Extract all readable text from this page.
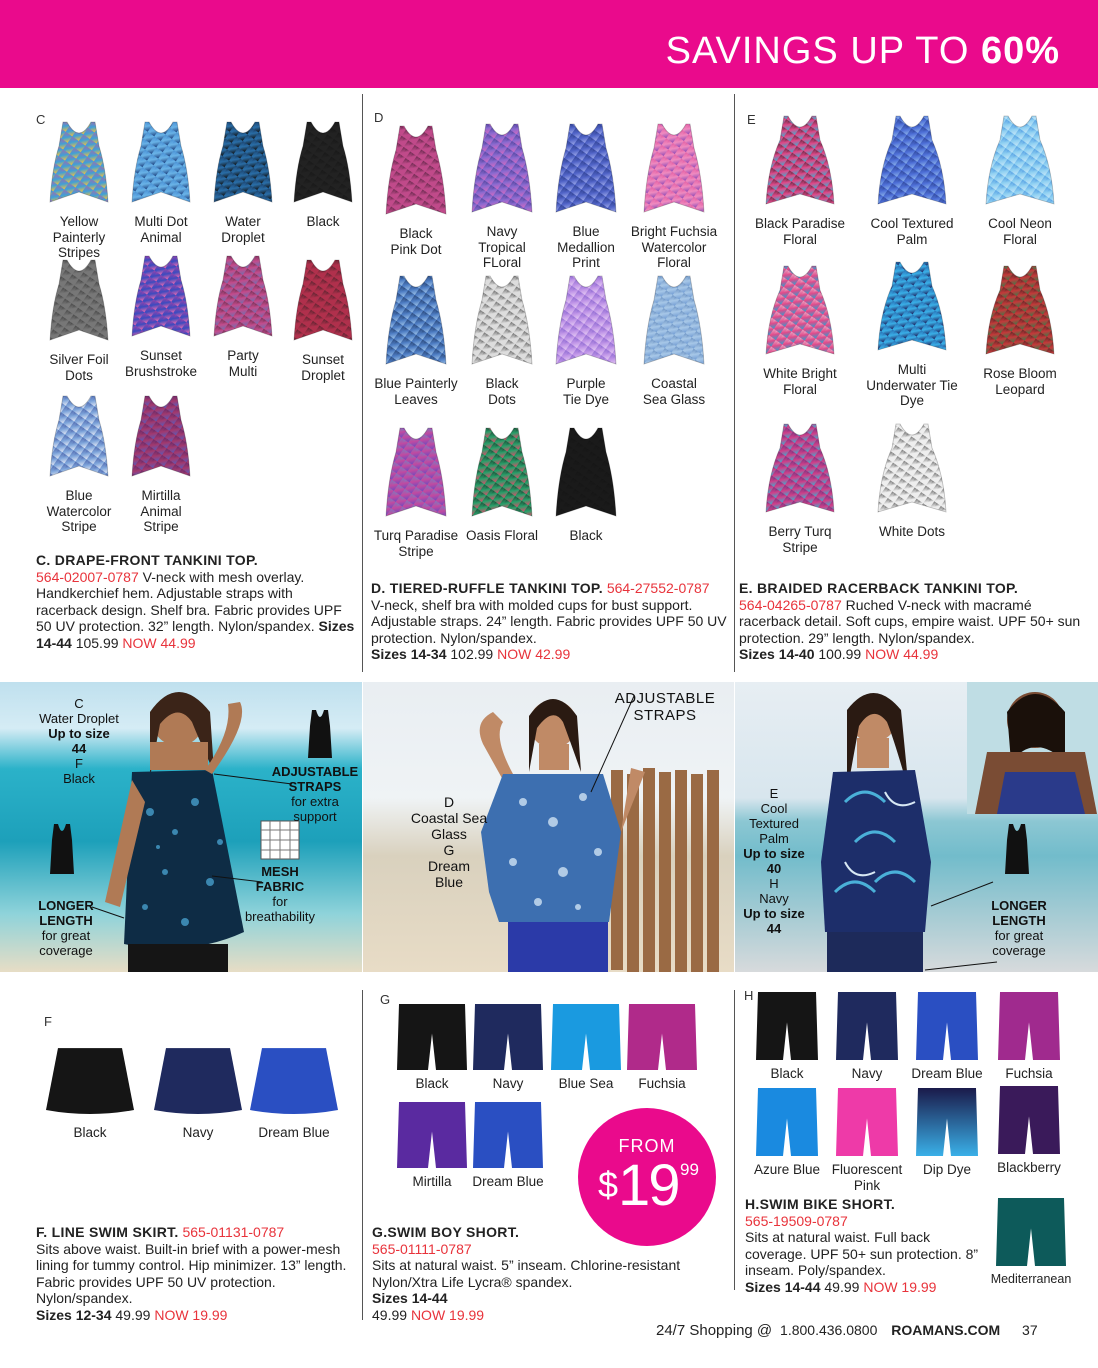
SAVINGS UP TO 60%
C
Yellow
Painterly Stripes
Multi Dot
Animal
Water
Droplet
Black
Silver Foil
Dots
Sunset
Brushstroke
Party
Multi
Sunset
Droplet
Blue
Watercolor
Stripe
Mirtilla
Animal
Stripe
C. DRAPE-FRONT TANKINI TOP.
564-02007-0787 V-neck with mesh overlay. Handkerchief hem. Adjustable straps with racerback design. Shelf bra. Fabric provides UPF 50 UV protection. 32” length. Nylon/spandex. Sizes 14-44 105.99 NOW 44.99
D
Black
Pink Dot
Navy
Tropical
FLoral
Blue
Medallion
Print
Bright Fuchsia
Watercolor
Floral
Blue Painterly
Leaves
Black
Dots
Purple
Tie Dye
Coastal
Sea Glass
Turq Paradise
Stripe
Oasis Floral	Black
D. TIERED-RUFFLE TANKINI TOP. 564-27552-0787
V-neck, shelf bra with molded cups for bust support. Adjustable straps. 24” length. Fabric provides UPF 50 UV protection. Nylon/spandex.
Sizes 14-34 102.99 NOW 42.99
E
Black Paradise
Floral
Cool Textured
Palm
Cool Neon
Floral
White Bright
Floral
Multi
Underwater Tie
Dye
Rose Bloom
Leopard
Berry Turq
Stripe
White Dots
E. BRAIDED RACERBACK TANKINI TOP.
564-04265-0787 Ruched V-neck with macramé racerback detail. Soft cups, empire waist. UPF 50+ sun protection. 29” length. Nylon/spandex.
Sizes 14-40 100.99 NOW 44.99
C
Water Droplet
Up to size
44
F
Black	ADJUSTABLE
STRAPS
for extra
support
MESH
FABRIC
for
breathability
LONGER
LENGTH
for great
coverage
ADJUSTABLE
STRAPS
D
Coastal Sea
Glass
G
Dream
Blue
E
Cool
Textured
Palm
Up to size
40
H
Navy
Up to size
44
LONGER
LENGTH
for great
coverage
F
Black	Navy	Dream Blue
F. LINE SWIM SKIRT. 565-01131-0787
Sits above waist. Built-in brief with a power-mesh lining for tummy control. Hip minimizer. 13” length. Fabric provides UPF 50 UV protection. Nylon/spandex.
Sizes 12-34 49.99 NOW 19.99
G
Black	Navy	Blue Sea	Fuchsia
Mirtilla	Dream Blue
G.SWIM BOY SHORT.
565-01111-0787
Sits at natural waist. 5” inseam. Chlorine-resistant Nylon/Xtra Life Lycra® spandex.
Sizes 14-44
49.99 NOW 19.99
FROM
$ 19 99
H
Black	Navy	Dream Blue	Fuchsia
Azure Blue Fluorescent
Pink
Dip Dye	Blackberry
Mediterranean
H.SWIM BIKE SHORT.
565-19509-0787
Sits at natural waist. Full back coverage. UPF 50+ sun protection. 8” inseam. Poly/spandex.
Sizes 14-44 49.99 NOW 19.99
24/7 Shopping @ 1.800.436.0800 ROAMANS.COM 37
